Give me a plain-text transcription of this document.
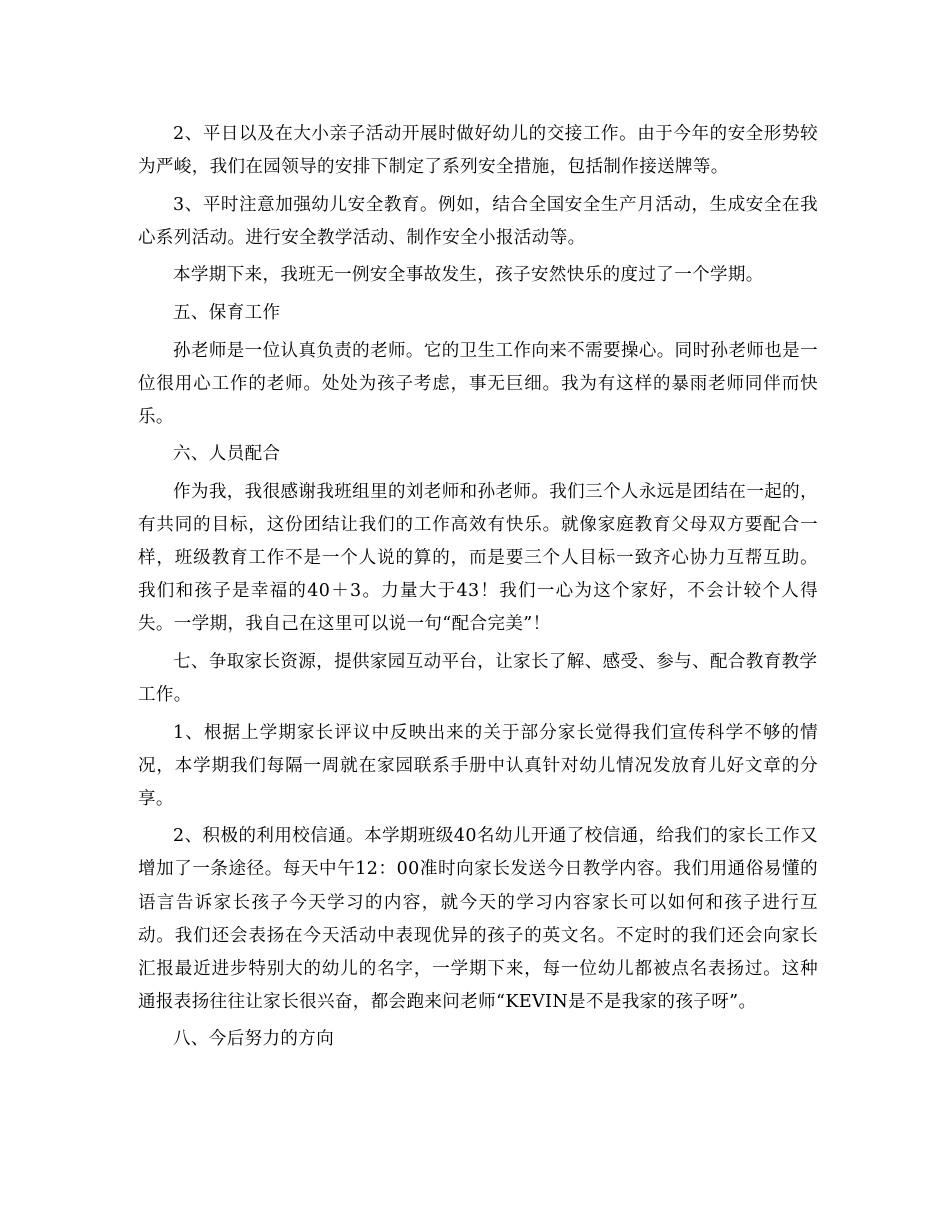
2、平日以及在大小亲子活动开展时做好幼儿的交接工作。由于今年的安全形势较为严峻，我们在园领导的安排下制定了系列安全措施，包括制作接送牌等。

3、平时注意加强幼儿安全教育。例如，结合全国安全生产月活动，生成安全在我心系列活动。进行安全教学活动、制作安全小报活动等。

本学期下来，我班无一例安全事故发生，孩子安然快乐的度过了一个学期。

五、保育工作

孙老师是一位认真负责的老师。它的卫生工作向来不需要操心。同时孙老师也是一位很用心工作的老师。处处为孩子考虑，事无巨细。我为有这样的暴雨老师同伴而快乐。

六、人员配合

作为我，我很感谢我班组里的刘老师和孙老师。我们三个人永远是团结在一起的，有共同的目标，这份团结让我们的工作高效有快乐。就像家庭教育父母双方要配合一样，班级教育工作不是一个人说的算的，而是要三个人目标一致齐心协力互帮互助。我们和孩子是幸福的40＋3。力量大于43！我们一心为这个家好，不会计较个人得失。一学期，我自己在这里可以说一句“配合完美”！

七、争取家长资源，提供家园互动平台，让家长了解、感受、参与、配合教育教学工作。

1、根据上学期家长评议中反映出来的关于部分家长觉得我们宣传科学不够的情况，本学期我们每隔一周就在家园联系手册中认真针对幼儿情况发放育儿好文章的分享。

2、积极的利用校信通。本学期班级40名幼儿开通了校信通，给我们的家长工作又增加了一条途径。每天中午12：00准时向家长发送今日教学内容。我们用通俗易懂的语言告诉家长孩子今天学习的内容，就今天的学习内容家长可以如何和孩子进行互动。我们还会表扬在今天活动中表现优异的孩子的英文名。不定时的我们还会向家长汇报最近进步特别大的幼儿的名字，一学期下来，每一位幼儿都被点名表扬过。这种通报表扬往往让家长很兴奋，都会跑来问老师“KEVIN是不是我家的孩子呀”。

八、今后努力的方向
